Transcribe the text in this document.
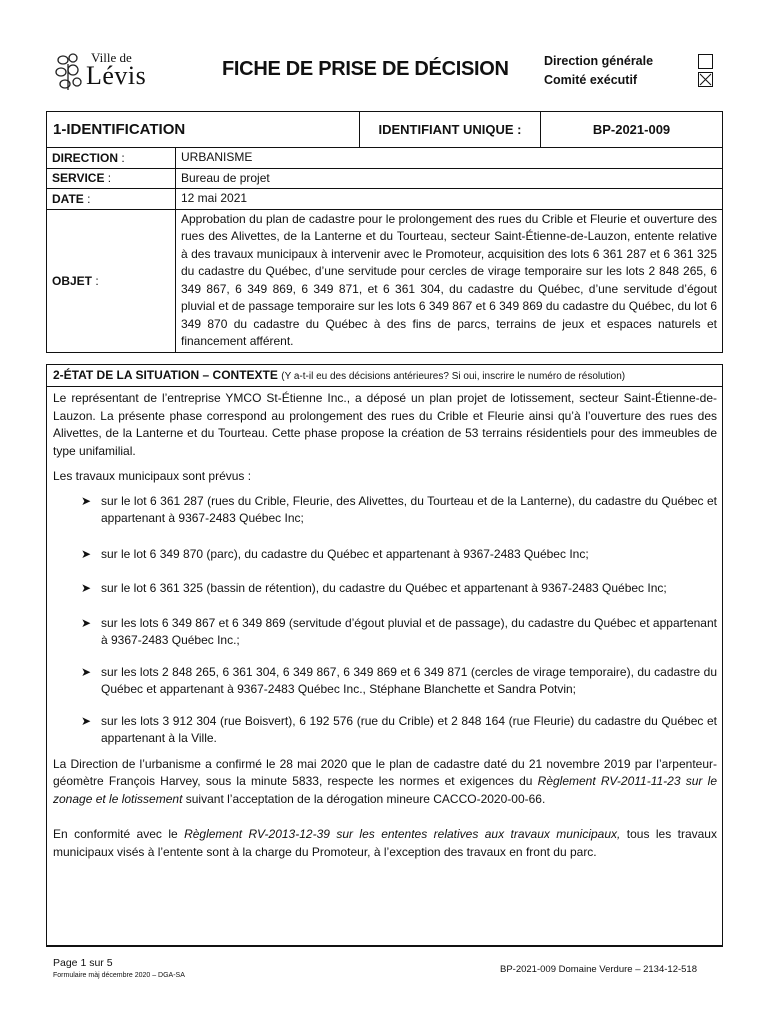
Ville de
Lévis	FICHE DE PRISE DE DÉCISION	Direction générale
Comité exécutif
1-IDENTIFICATION	IDENTIFIANT UNIQUE :	BP-2021-009
DIRECTION :	URBANISME
SERVICE :	Bureau de projet
DATE :	12 mai 2021
OBJET :	Approbation du plan de cadastre pour le prolongement des rues du Crible et Fleurie et ouverture des rues des Alivettes, de la Lanterne et du Tourteau, secteur Saint-Étienne-de-Lauzon, entente relative à des travaux municipaux à intervenir avec le Promoteur, acquisition des lots 6 361 287 et 6 361 325 du cadastre du Québec, d’une servitude pour cercles de virage temporaire sur les lots 2 848 265, 6 349 867, 6 349 869, 6 349 871, et 6 361 304, du cadastre du Québec, d’une servitude d’égout pluvial et de passage temporaire sur les lots 6 349 867 et 6 349 869 du cadastre du Québec, du lot 6 349 870 du cadastre du Québec à des fins de parcs, terrains de jeux et espaces naturels et financement afférent.
2-ÉTAT DE LA SITUATION – CONTEXTE (Y a-t-il eu des décisions antérieures? Si oui, inscrire le numéro de résolution)

Le représentant de l’entreprise YMCO St-Étienne Inc., a déposé un plan projet de lotissement, secteur Saint-Étienne-de-Lauzon. La présente phase correspond au prolongement des rues du Crible et Fleurie ainsi qu’à l’ouverture des rues des Alivettes, de la Lanterne et du Tourteau. Cette phase propose la création de 53 terrains résidentiels pour des immeubles de type unifamilial.

Les travaux municipaux sont prévus :

➤ sur le lot 6 361 287 (rues du Crible, Fleurie, des Alivettes, du Tourteau et de la Lanterne), du cadastre du Québec et appartenant à 9367-2483 Québec Inc;

➤ sur le lot 6 349 870 (parc), du cadastre du Québec et appartenant à 9367-2483 Québec Inc;

➤ sur le lot 6 361 325 (bassin de rétention), du cadastre du Québec et appartenant à 9367-2483 Québec Inc;

➤ sur les lots 6 349 867 et 6 349 869 (servitude d’égout pluvial et de passage), du cadastre du Québec et appartenant à 9367-2483 Québec Inc.;

➤ sur les lots 2 848 265, 6 361 304, 6 349 867, 6 349 869 et 6 349 871 (cercles de virage temporaire), du cadastre du Québec et appartenant à 9367-2483 Québec Inc., Stéphane Blanchette et Sandra Potvin;

➤ sur les lots 3 912 304 (rue Boisvert), 6 192 576 (rue du Crible) et 2 848 164 (rue Fleurie) du cadastre du Québec et appartenant à la Ville.

La Direction de l’urbanisme a confirmé le 28 mai 2020 que le plan de cadastre daté du 21 novembre 2019 par l’arpenteur-géomètre François Harvey, sous la minute 5833, respecte les normes et exigences du Règlement RV-2011-11-23 sur le zonage et le lotissement suivant l’acceptation de la dérogation mineure CACCO-2020-00-66.

En conformité avec le Règlement RV-2013-12-39 sur les ententes relatives aux travaux municipaux, tous les travaux municipaux visés à l’entente sont à la charge du Promoteur, à l’exception des travaux en front du parc.

Page 1 sur 5
Formulaire màj décembre 2020 – DGA-SA
BP-2021-009 Domaine Verdure – 2134-12-518
